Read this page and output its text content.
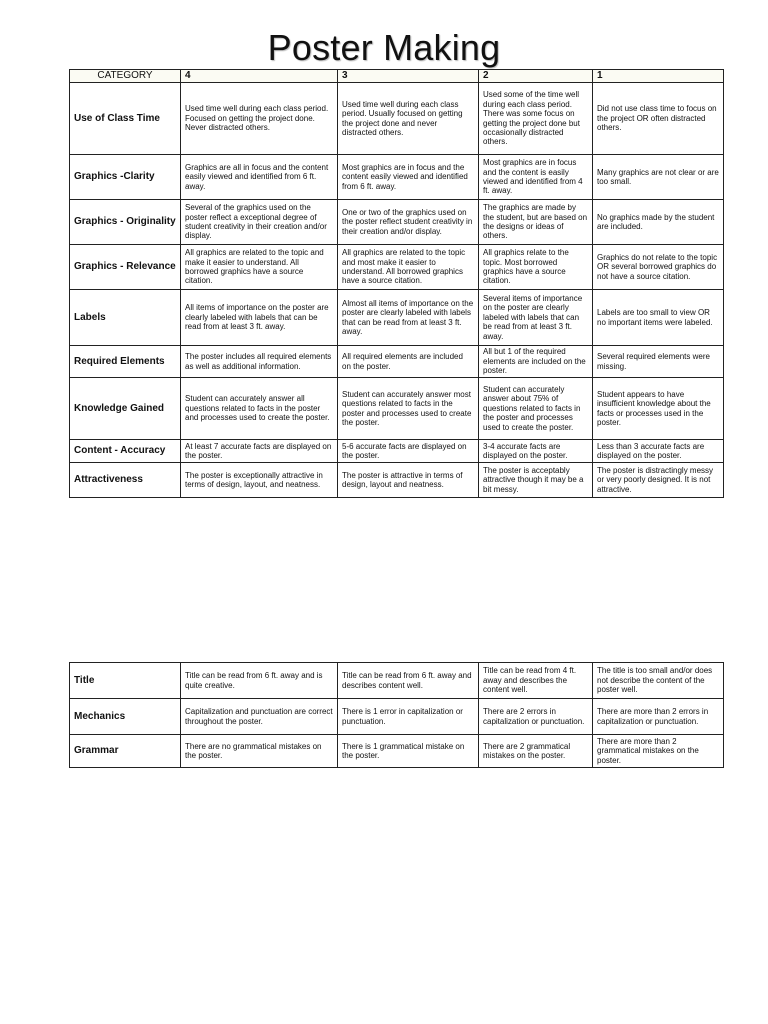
Poster Making
CATEGORY	4	3	2	1
Use of Class Time	Used time well during each class period. Focused on getting the project done. Never distracted others.	Used time well during each class period. Usually focused on getting the project done and never distracted others.	Used some of the time well during each class period. There was some focus on getting the project done but occasionally distracted others.	Did not use class time to focus on the project OR often distracted others.
Graphics -Clarity	Graphics are all in focus and the content easily viewed and identified from 6 ft. away.	Most graphics are in focus and the content easily viewed and identified from 6 ft. away.	Most graphics are in focus and the content is easily viewed and identified from 4 ft. away.	Many graphics are not clear or are too small.
Graphics - Originality	Several of the graphics used on the poster reflect a exceptional degree of student creativity in their creation and/or display.	One or two of the graphics used on the poster reflect student creativity in their creation and/or display.	The graphics are made by the student, but are based on the designs or ideas of others.	No graphics made by the student are included.
Graphics - Relevance	All graphics are related to the topic and make it easier to understand. All borrowed graphics have a source citation.	All graphics are related to the topic and most make it easier to understand. All borrowed graphics have a source citation.	All graphics relate to the topic. Most borrowed graphics have a source citation.	Graphics do not relate to the topic OR several borrowed graphics do not have a source citation.
Labels	All items of importance on the poster are clearly labeled with labels that can be read from at least 3 ft. away.	Almost all items of importance on the poster are clearly labeled with labels that can be read from at least 3 ft. away.	Several items of importance on the poster are clearly labeled with labels that can be read from at least 3 ft. away.	Labels are too small to view OR no important items were labeled.
Required Elements	The poster includes all required elements as well as additional information.	All required elements are included on the poster.	All but 1 of the required elements are included on the poster.	Several required elements were missing.
Knowledge Gained	Student can accurately answer all questions related to facts in the poster and processes used to create the poster.	Student can accurately answer most questions related to facts in the poster and processes used to create the poster.	Student can accurately answer about 75% of questions related to facts in the poster and processes used to create the poster.	Student appears to have insufficient knowledge about the facts or processes used in the poster.
Content - Accuracy	At least 7 accurate facts are displayed on the poster.	5-6 accurate facts are displayed on the poster.	3-4 accurate facts are displayed on the poster.	Less than 3 accurate facts are displayed on the poster.
Attractiveness	The poster is exceptionally attractive in terms of design, layout, and neatness.	The poster is attractive in terms of design, layout and neatness.	The poster is acceptably attractive though it may be a bit messy.	The poster is distractingly messy or very poorly designed. It is not attractive.
Title	Title can be read from 6 ft. away and is quite creative.	Title can be read from 6 ft. away and describes content well.	Title can be read from 4 ft. away and describes the content well.	The title is too small and/or does not describe the content of the poster well.
Mechanics	Capitalization and punctuation are correct throughout the poster.	There is 1 error in capitalization or punctuation.	There are 2 errors in capitalization or punctuation.	There are more than 2 errors in capitalization or punctuation.
Grammar	There are no grammatical mistakes on the poster.	There is 1 grammatical mistake on the poster.	There are 2 grammatical mistakes on the poster.	There are more than 2 grammatical mistakes on the poster.
